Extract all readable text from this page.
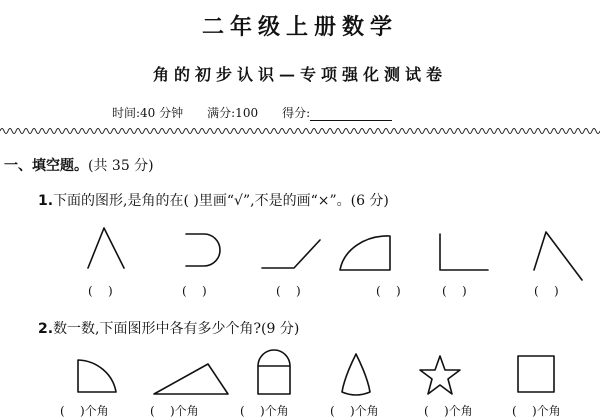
二年级上册数学
角的初步认识—专项强化测试卷
时间:40 分钟 满分:100 得分:
一、填空题。(共 35 分)
1.下面的图形,是角的在( )里画“√”,不是的画“×”。(6 分)
(    )	(    )	(    )	(    )	(    )	(    )
2.数一数,下面图形中各有多少个角?(9 分)
(    )个角	(    )个角	(    )个角	(    )个角	(    )个角	(    )个角
